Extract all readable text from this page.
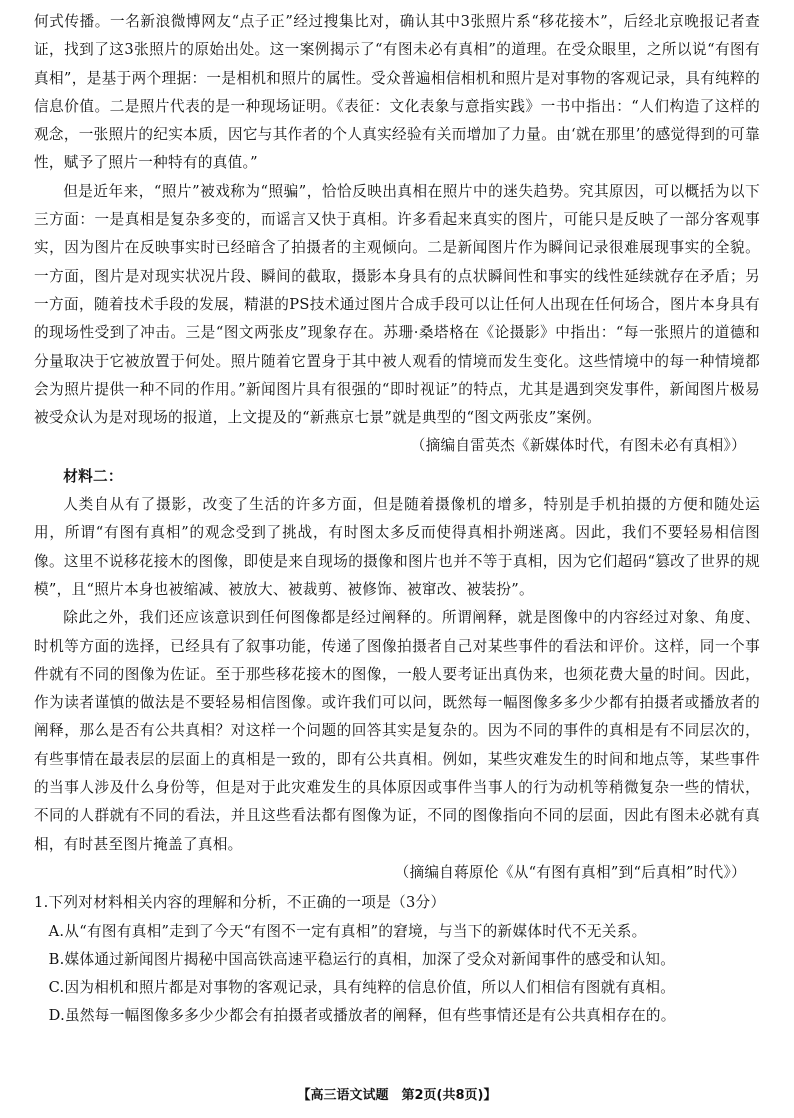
何式传播。一名新浪微博网友“点子正”经过搜集比对，确认其中3张照片系“移花接木”，后经北京晚报记者查证，找到了这3张照片的原始出处。这一案例揭示了“有图未必有真相”的道理。在受众眼里，之所以说“有图有真相”，是基于两个理据：一是相机和照片的属性。受众普遍相信相机和照片是对事物的客观记录，具有纯粹的信息价值。二是照片代表的是一种现场证明。《表征：文化表象与意指实践》一书中指出：“人们构造了这样的观念，一张照片的纪实本质，因它与其作者的个人真实经验有关而增加了力量。由‘就在那里’的感觉得到的可靠性，赋予了照片一种特有的真值。”

但是近年来，“照片”被戏称为“照骗”，恰恰反映出真相在照片中的迷失趋势。究其原因，可以概括为以下三方面：一是真相是复杂多变的，而谣言又快于真相。许多看起来真实的图片，可能只是反映了一部分客观事实，因为图片在反映事实时已经暗含了拍摄者的主观倾向。二是新闻图片作为瞬间记录很难展现事实的全貌。一方面，图片是对现实状况片段、瞬间的截取，摄影本身具有的点状瞬间性和事实的线性延续就存在矛盾；另一方面，随着技术手段的发展，精湛的PS技术通过图片合成手段可以让任何人出现在任何场合，图片本身具有的现场性受到了冲击。三是“图文两张皮”现象存在。苏珊·桑塔格在《论摄影》中指出：“每一张照片的道德和分量取决于它被放置于何处。照片随着它置身于其中被人观看的情境而发生变化。这些情境中的每一种情境都会为照片提供一种不同的作用。”新闻图片具有很强的“即时视证”的特点，尤其是遇到突发事件，新闻图片极易被受众认为是对现场的报道，上文提及的“新燕京七景”就是典型的“图文两张皮”案例。

（摘编自雷英杰《新媒体时代，有图未必有真相》）

材料二：

人类自从有了摄影，改变了生活的许多方面，但是随着摄像机的增多，特别是手机拍摄的方便和随处运用，所谓“有图有真相”的观念受到了挑战，有时图太多反而使得真相扑朔迷离。因此，我们不要轻易相信图像。这里不说移花接木的图像，即使是来自现场的摄像和图片也并不等于真相，因为它们超码“篡改了世界的规模”，且“照片本身也被缩减、被放大、被裁剪、被修饰、被窜改、被装扮”。

除此之外，我们还应该意识到任何图像都是经过阐释的。所谓阐释，就是图像中的内容经过对象、角度、时机等方面的选择，已经具有了叙事功能，传递了图像拍摄者自己对某些事件的看法和评价。这样，同一个事件就有不同的图像为佐证。至于那些移花接木的图像，一般人要考证出真伪来，也须花费大量的时间。因此，作为读者谨慎的做法是不要轻易相信图像。或许我们可以问，既然每一幅图像多多少少都有拍摄者或播放者的阐释，那么是否有公共真相？对这样一个问题的回答其实是复杂的。因为不同的事件的真相是有不同层次的，有些事情在最表层的层面上的真相是一致的，即有公共真相。例如，某些灾难发生的时间和地点等，某些事件的当事人涉及什么身份等，但是对于此灾难发生的具体原因或事件当事人的行为动机等稍微复杂一些的情状，不同的人群就有不同的看法，并且这些看法都有图像为证，不同的图像指向不同的层面，因此有图未必就有真相，有时甚至图片掩盖了真相。

（摘编自蒋原伦《从“有图有真相”到“后真相”时代》）

1.下列对材料相关内容的理解和分析，不正确的一项是（3分）

A.从“有图有真相”走到了今天“有图不一定有真相”的窘境，与当下的新媒体时代不无关系。

B.媒体通过新闻图片揭秘中国高铁高速平稳运行的真相，加深了受众对新闻事件的感受和认知。

C.因为相机和照片都是对事物的客观记录，具有纯粹的信息价值，所以人们相信有图就有真相。

D.虽然每一幅图像多多少少都会有拍摄者或播放者的阐释，但有些事情还是有公共真相存在的。

【高三语文试题　第2页(共8页)】
